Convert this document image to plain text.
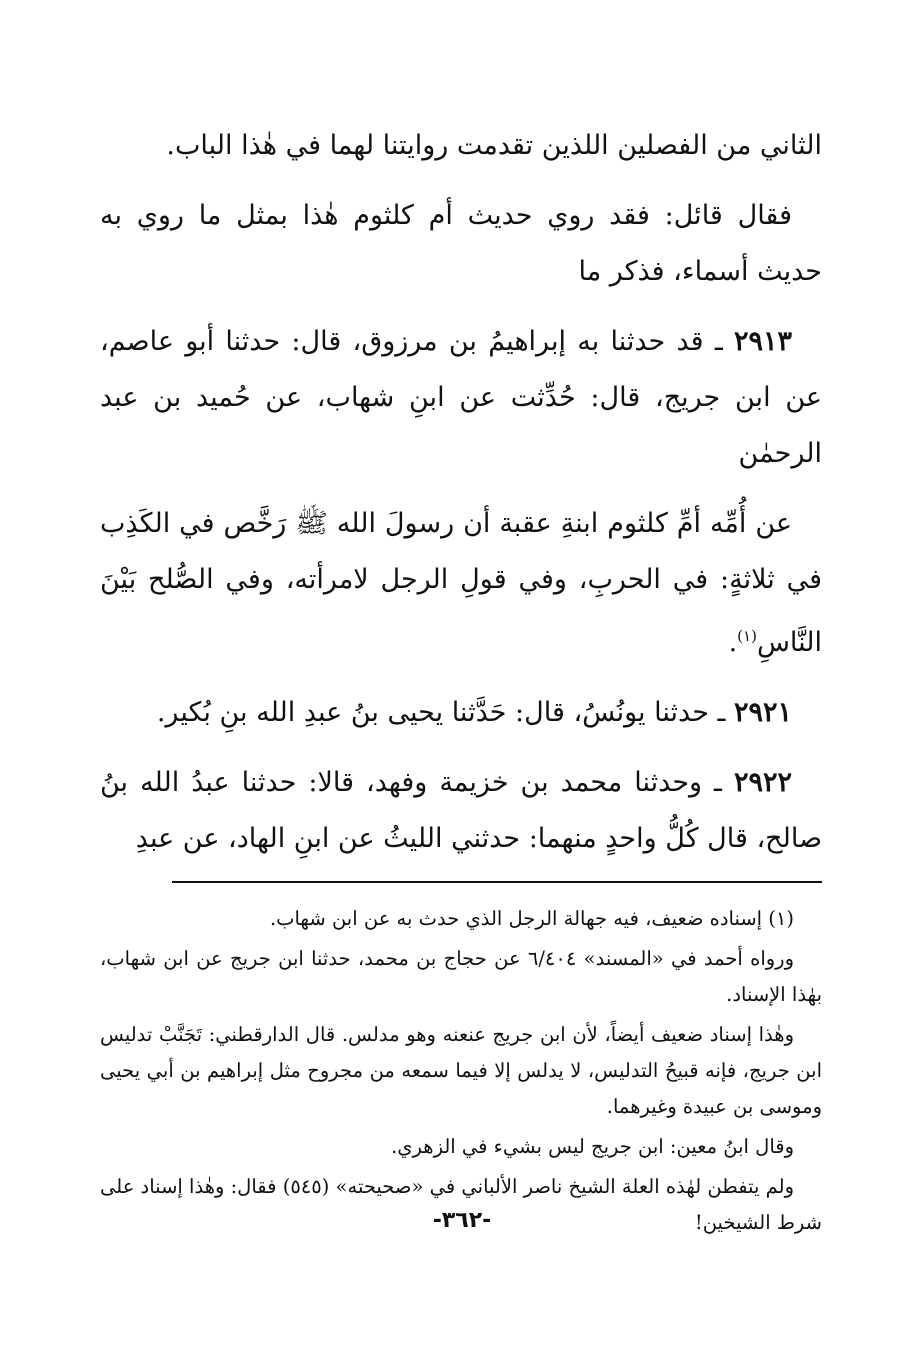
الثاني من الفصلين اللذين تقدمت روايتنا لهما في هٰذا الباب.

فقال قائل: فقد روي حديث أم كلثوم هٰذا بمثل ما روي به حديث أسماء، فذكر ما

٢٩١٣ ـ قد حدثنا به إبراهيمُ بن مرزوق، قال: حدثنا أبو عاصم، عن ابن جريج، قال: حُدِّثت عن ابنِ شهاب، عن حُميد بن عبد الرحمٰن

عن أُمِّه أمِّ كلثوم ابنةِ عقبة أن رسولَ الله ﷺ رَخَّص في الكَذِب في ثلاثةٍ: في الحربِ، وفي قولِ الرجل لامرأته، وفي الصُّلح بَيْنَ النَّاسِ$^{(١)}$.

٢٩٢١ ـ حدثنا يونُسُ، قال: حَدَّثنا يحيى بنُ عبدِ الله بنِ بُكير.

٢٩٢٢ ـ وحدثنا محمد بن خزيمة وفهد، قالا: حدثنا عبدُ الله بنُ صالح، قال كُلُّ واحدٍ منهما: حدثني الليثُ عن ابنِ الهاد، عن عبدِ

(١) إسناده ضعيف، فيه جهالة الرجل الذي حدث به عن ابن شهاب.

ورواه أحمد في «المسند» ٦/٤٠٤ عن حجاج بن محمد، حدثنا ابن جريج عن ابن شهاب، بهٰذا الإسناد.

وهٰذا إسناد ضعيف أيضاً، لأن ابن جريج عنعنه وهو مدلس. قال الدارقطني: تَجَنَّبْ تدليس ابن جريج، فإنه قبيحُ التدليس، لا يدلس إلا فيما سمعه من مجروح مثل إبراهيم بن أبي يحيى وموسى بن عبيدة وغيرهما.

وقال ابنُ معين: ابن جريج ليس بشيء في الزهري.

ولم يتفطن لهٰذه العلة الشيخ ناصر الألباني في «صحيحته» (٥٤٥) فقال: وهٰذا إسناد على شرط الشيخين!

-٣٦٢-
